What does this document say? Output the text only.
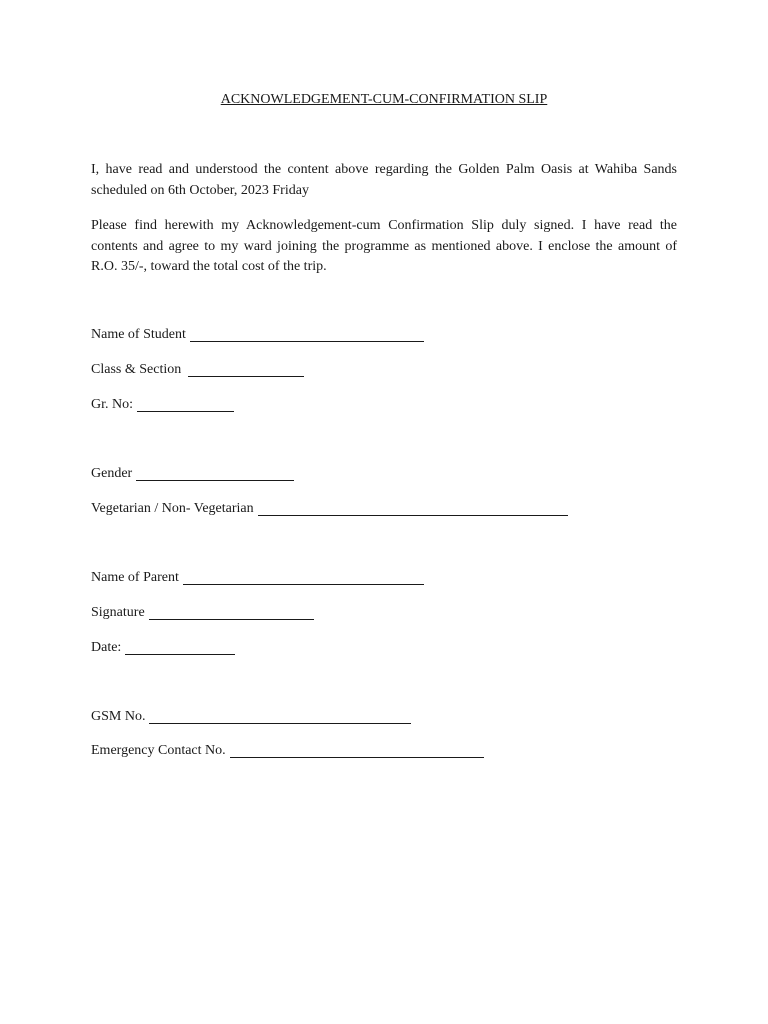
ACKNOWLEDGEMENT-CUM-CONFIRMATION SLIP

I, have read and understood the content above regarding the Golden Palm Oasis at Wahiba Sands scheduled on 6th October, 2023 Friday

Please find herewith my Acknowledgement-cum Confirmation Slip duly signed. I have read the contents and agree to my ward joining the programme as mentioned above. I enclose the amount of R.O. 35/-, toward the total cost of the trip.

Name of Student
Class & Section
Gr. No:
Gender
Vegetarian / Non- Vegetarian
Name of Parent
Signature
Date:
GSM No.
Emergency Contact No.
